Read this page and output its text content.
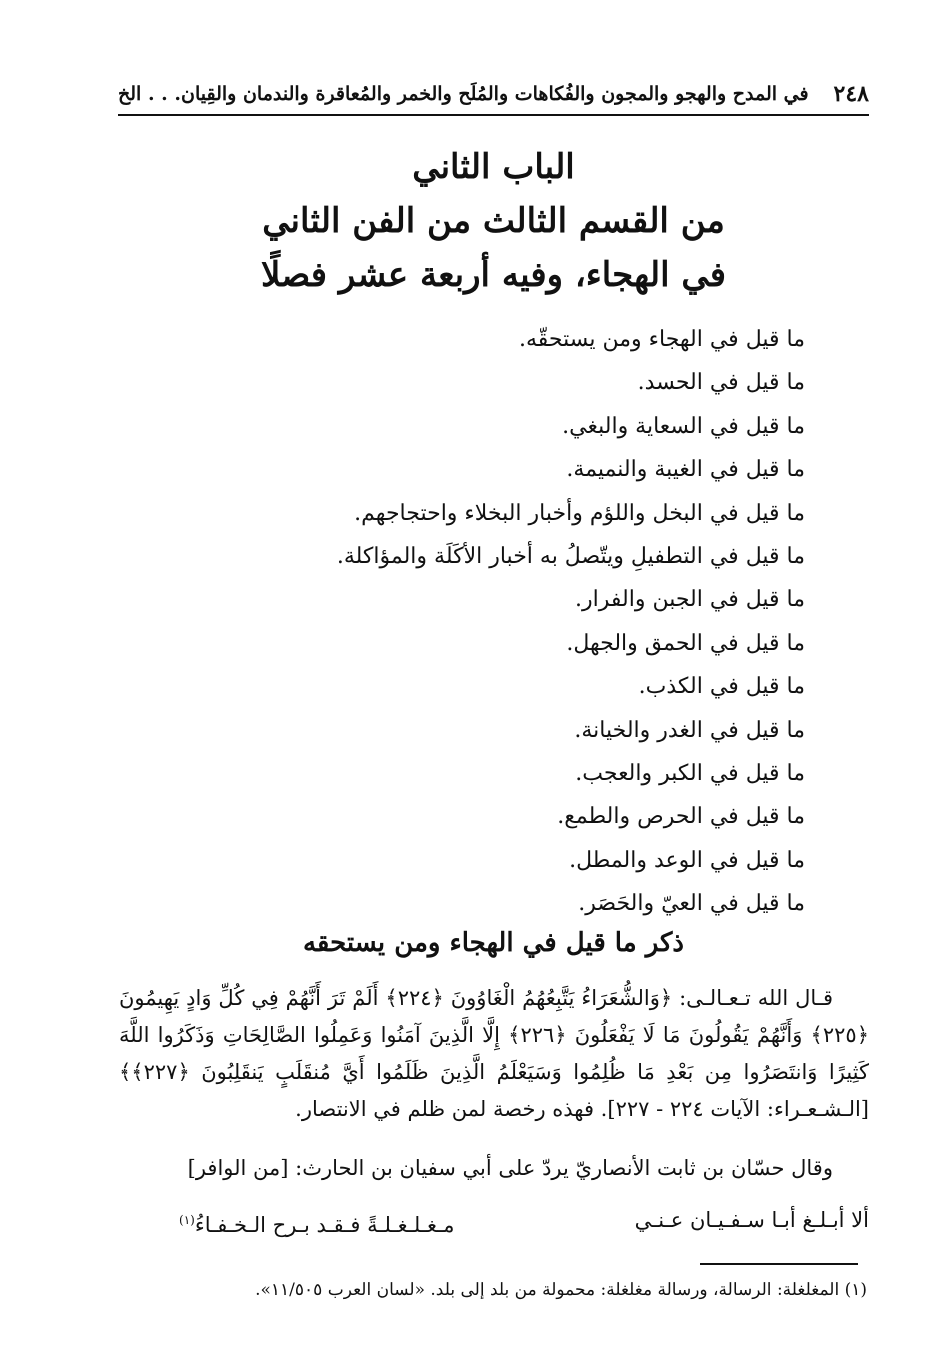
٢٤٨
في المدح والهجو والمجون والفُكاهات والمُلَح والخمر والمُعاقرة والندمان والقِيان. . . الخ
الباب الثاني
من القسم الثالث من الفن الثاني
في الهجاء، وفيه أربعة عشر فصلًا
ما قيل في الهجاء ومن يستحقّه.
ما قيل في الحسد.
ما قيل في السعاية والبغي.
ما قيل في الغيبة والنميمة.
ما قيل في البخل واللؤم وأخبار البخلاء واحتجاجهم.
ما قيل في التطفيلِ ويتّصلُ به أخبار الأكَلَة والمؤاكلة.
ما قيل في الجبن والفرار.
ما قيل في الحمق والجهل.
ما قيل في الكذب.
ما قيل في الغدر والخيانة.
ما قيل في الكبر والعجب.
ما قيل في الحرص والطمع.
ما قيل في الوعد والمطل.
ما قيل في العيّ والحَصَر.
ذكر ما قيل في الهجاء ومن يستحقه

قـال الله تـعـالـى: ﴿وَالشُّعَرَاءُ يَتَّبِعُهُمُ الْغَاوُونَ ﴿٢٢٤﴾ أَلَمْ تَرَ أَنَّهُمْ فِي كُلِّ وَادٍ يَهِيمُونَ ﴿٢٢٥﴾ وَأَنَّهُمْ يَقُولُونَ مَا لَا يَفْعَلُونَ ﴿٢٢٦﴾ إِلَّا الَّذِينَ آمَنُوا وَعَمِلُوا الصَّالِحَاتِ وَذَكَرُوا اللَّهَ كَثِيرًا وَانتَصَرُوا مِن بَعْدِ مَا ظُلِمُوا وَسَيَعْلَمُ الَّذِينَ ظَلَمُوا أَيَّ مُنقَلَبٍ يَنقَلِبُونَ ﴿٢٢٧﴾﴾ [الـشـعـراء: الآيات ٢٢٤ - ٢٢٧]. فهذه رخصة لمن ظلم في الانتصار.

وقال حسّان بن ثابت الأنصاريّ يردّ على أبي سفيان بن الحارث: [من الوافر]

ألا أبـلـغ أبـا سـفـيـان عـنـي
مـغـلـغـلـةً فـقـد بـرح الـخـفـاءُ$^{(١)}$
(١) المغلغلة: الرسالة، ورسالة مغلغلة: محمولة من بلد إلى بلد. «لسان العرب ١١/٥٠٥».
